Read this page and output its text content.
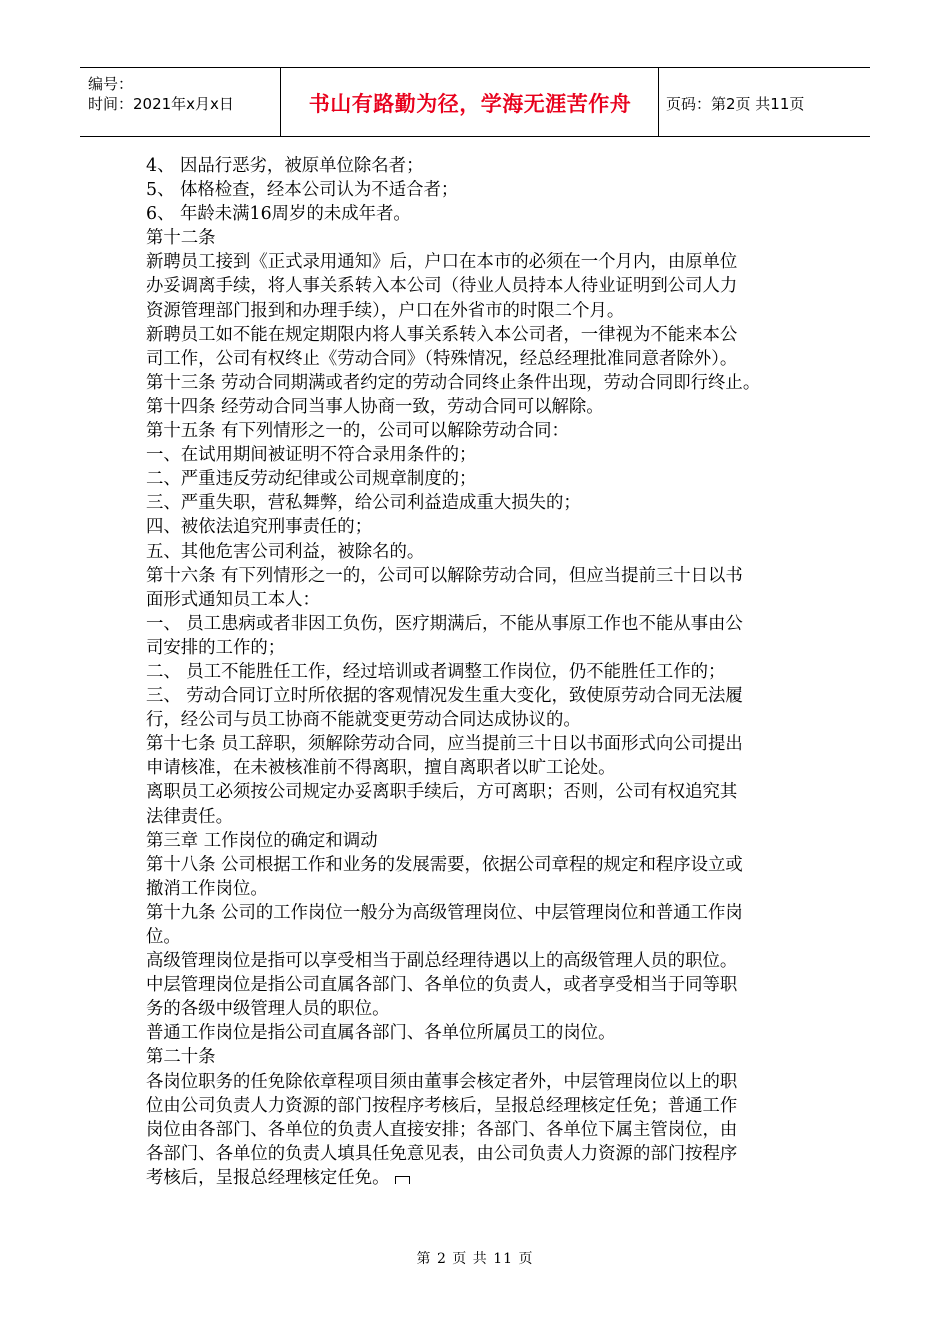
编号：
时间：2021年x月x日	书山有路勤为径，学海无涯苦作舟	页码：第2页 共11页
4、 因品行恶劣，被原单位除名者；
5、 体格检查，经本公司认为不适合者；
6、 年龄未满16周岁的未成年者。
第十二条
新聘员工接到《正式录用通知》后，户口在本市的必须在一个月内，由原单位
办妥调离手续，将人事关系转入本公司（待业人员持本人待业证明到公司人力
资源管理部门报到和办理手续），户口在外省市的时限二个月。
新聘员工如不能在规定期限内将人事关系转入本公司者，一律视为不能来本公
司工作，公司有权终止《劳动合同》（特殊情况，经总经理批准同意者除外）。
第十三条 劳动合同期满或者约定的劳动合同终止条件出现，劳动合同即行终止。
第十四条 经劳动合同当事人协商一致，劳动合同可以解除。
第十五条 有下列情形之一的，公司可以解除劳动合同：
一、在试用期间被证明不符合录用条件的；
二、严重违反劳动纪律或公司规章制度的；
三、严重失职，营私舞弊，给公司利益造成重大损失的；
四、被依法追究刑事责任的；
五、其他危害公司利益，被除名的。
第十六条 有下列情形之一的，公司可以解除劳动合同，但应当提前三十日以书
面形式通知员工本人：
一、 员工患病或者非因工负伤，医疗期满后，不能从事原工作也不能从事由公
司安排的工作的；
二、 员工不能胜任工作，经过培训或者调整工作岗位，仍不能胜任工作的；
三、 劳动合同订立时所依据的客观情况发生重大变化，致使原劳动合同无法履
行，经公司与员工协商不能就变更劳动合同达成协议的。
第十七条 员工辞职，须解除劳动合同，应当提前三十日以书面形式向公司提出
申请核准，在未被核准前不得离职，擅自离职者以旷工论处。
离职员工必须按公司规定办妥离职手续后，方可离职；否则，公司有权追究其
法律责任。
第三章 工作岗位的确定和调动
第十八条 公司根据工作和业务的发展需要，依据公司章程的规定和程序设立或
撤消工作岗位。
第十九条 公司的工作岗位一般分为高级管理岗位、中层管理岗位和普通工作岗
位。
高级管理岗位是指可以享受相当于副总经理待遇以上的高级管理人员的职位。
中层管理岗位是指公司直属各部门、各单位的负责人，或者享受相当于同等职
务的各级中级管理人员的职位。
普通工作岗位是指公司直属各部门、各单位所属员工的岗位。
第二十条
各岗位职务的任免除依章程项目须由董事会核定者外，中层管理岗位以上的职
位由公司负责人力资源的部门按程序考核后，呈报总经理核定任免；普通工作
岗位由各部门、各单位的负责人直接安排；各部门、各单位下属主管岗位，由
各部门、各单位的负责人填具任免意见表，由公司负责人力资源的部门按程序
考核后，呈报总经理核定任免。
第 2 页 共 11 页
